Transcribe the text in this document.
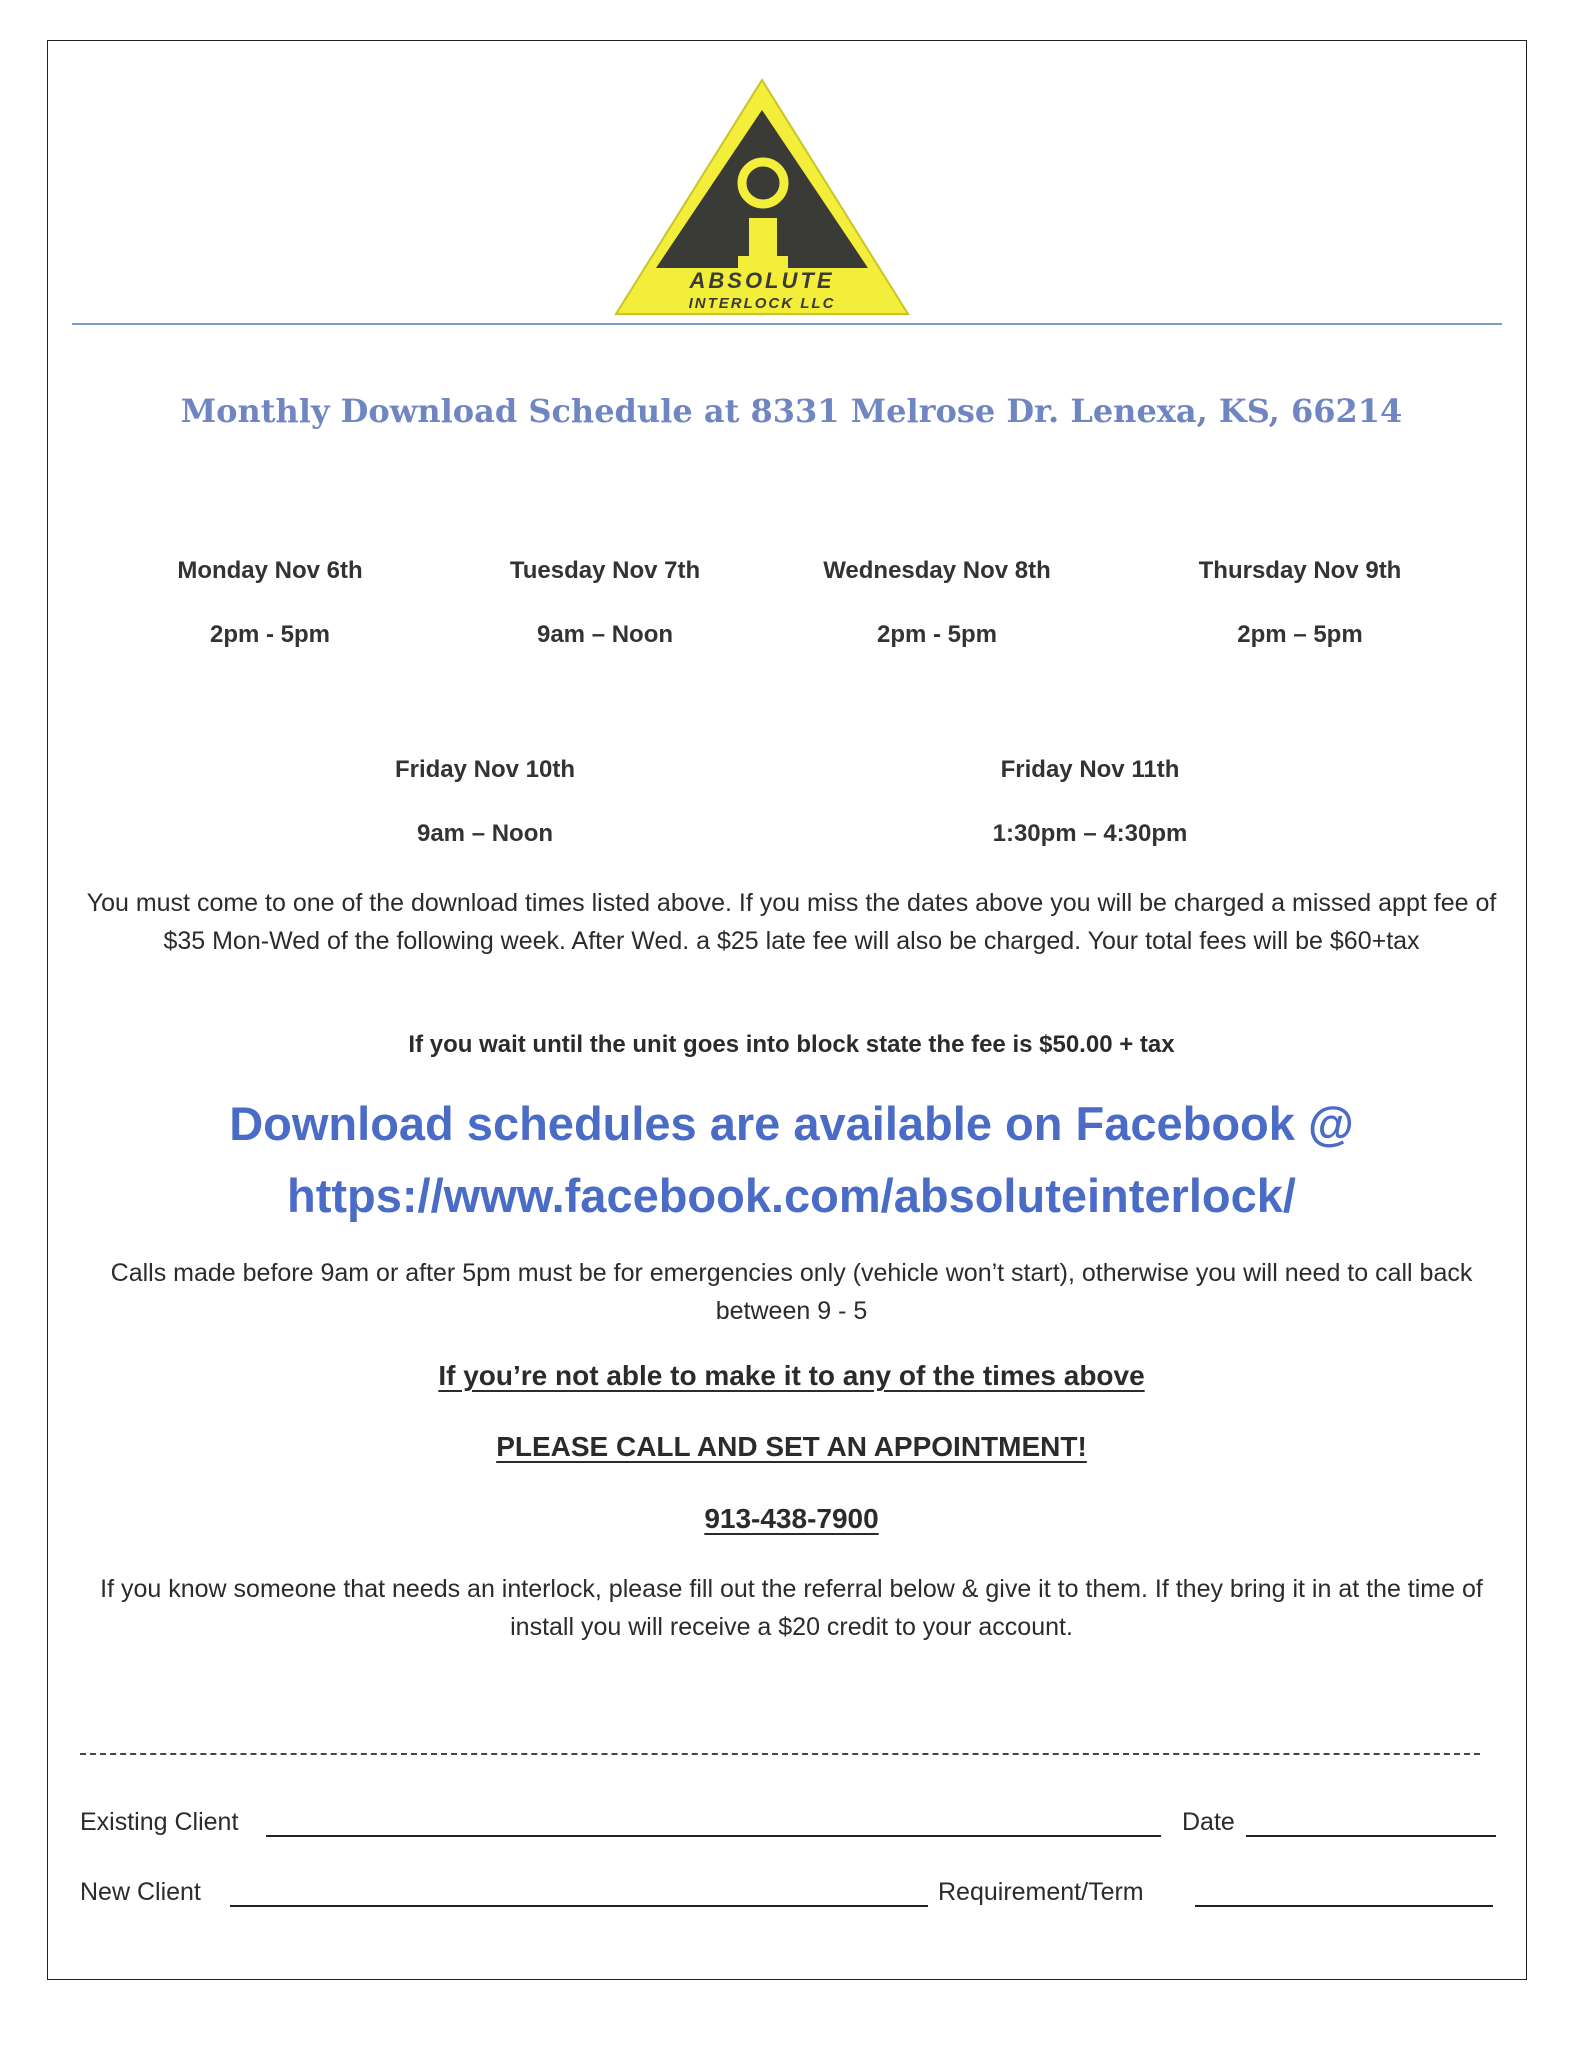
ABSOLUTE
INTERLOCK LLC
Monthly Download Schedule at 8331 Melrose Dr. Lenexa, KS, 66214
Monday Nov 6th
2pm - 5pm
Tuesday Nov 7th
9am – Noon
Wednesday Nov 8th
2pm - 5pm
Thursday Nov 9th
2pm – 5pm
Friday Nov 10th
9am – Noon
Friday Nov 11th
1:30pm – 4:30pm
You must come to one of the download times listed above. If you miss the dates above you will be charged a missed appt fee of $35 Mon-Wed of the following week. After Wed. a $25 late fee will also be charged. Your total fees will be $60+tax
If you wait until the unit goes into block state the fee is $50.00 + tax
Download schedules are available on Facebook @
https://www.facebook.com/absoluteinterlock/
Calls made before 9am or after 5pm must be for emergencies only (vehicle won’t start), otherwise you will need to call back between 9 - 5
If you’re not able to make it to any of the times above
PLEASE CALL AND SET AN APPOINTMENT!
913-438-7900
If you know someone that needs an interlock, please fill out the referral below & give it to them. If they bring it in at the time of install you will receive a $20 credit to your account.
Existing Client	Date
New Client	Requirement/Term
